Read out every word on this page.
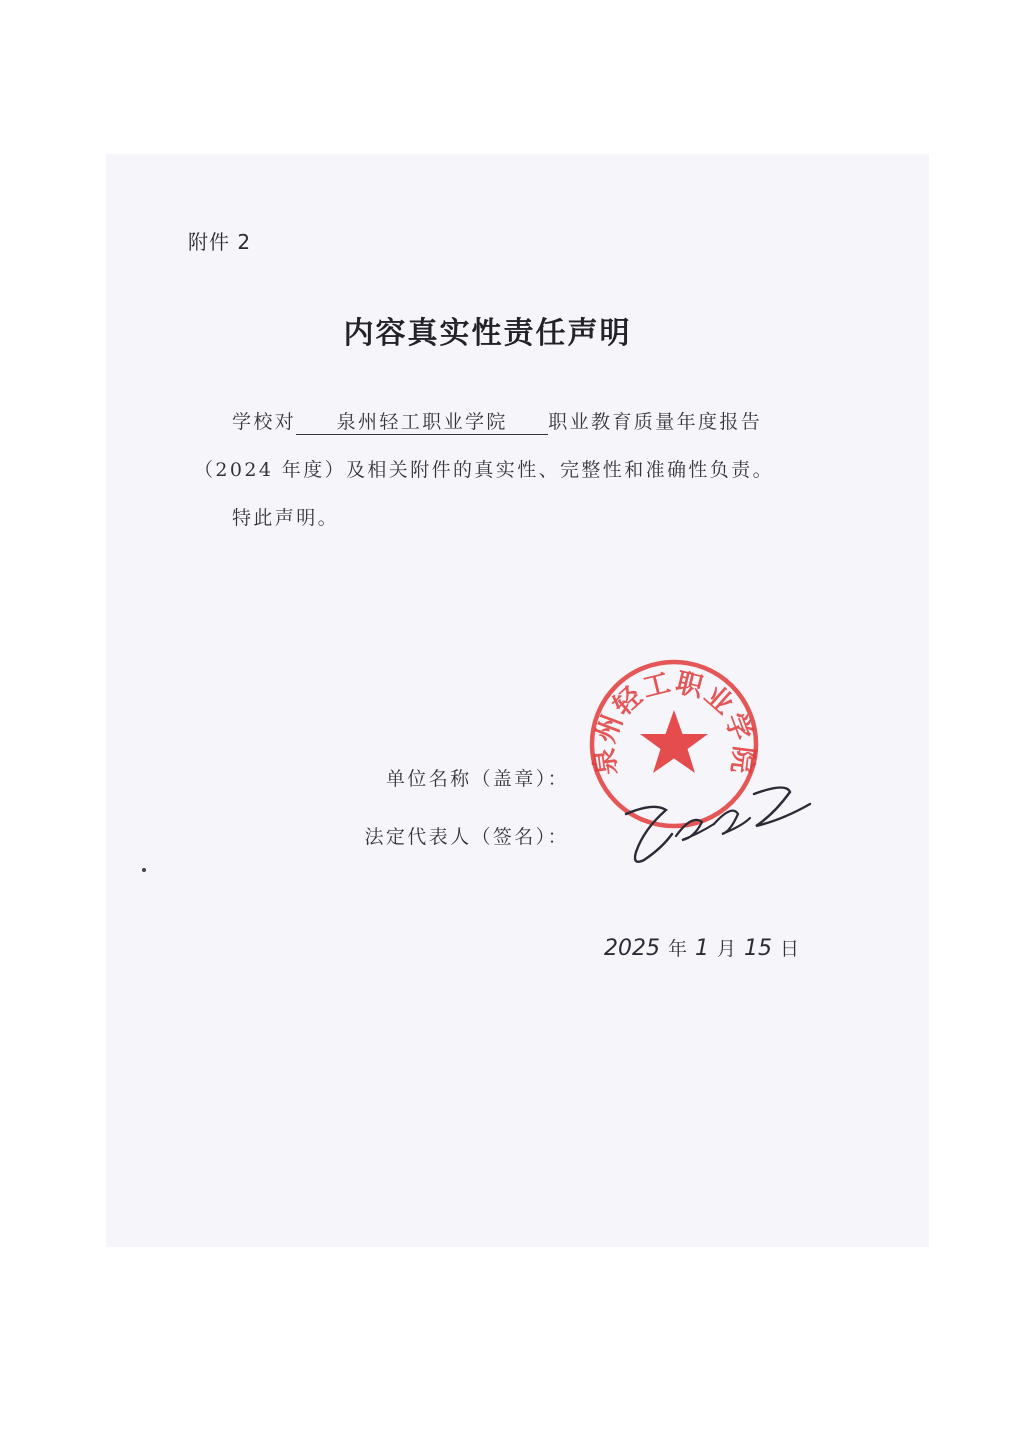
附件 2
内容真实性责任声明
学校对 泉州轻工职业学院 职业教育质量年度报告
（2024 年度）及相关附件的真实性、完整性和准确性负责。
特此声明。
单位名称（盖章）：
法定代表人（签名）：
泉州轻工职业学院
2025 年 1 月 15 日
